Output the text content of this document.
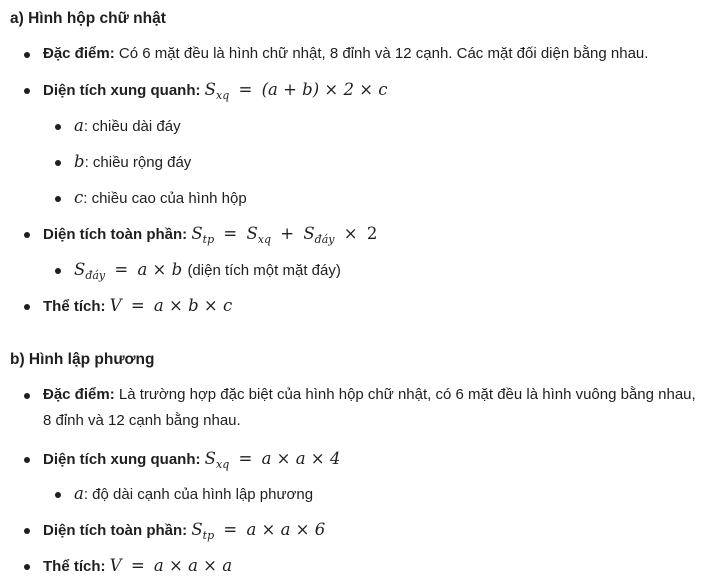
a) Hình hộp chữ nhật
Đặc điểm: Có 6 mặt đều là hình chữ nhật, 8 đỉnh và 12 cạnh. Các mặt đối diện bằng nhau.
Diện tích xung quanh: $S_{xq} = (a + b) \times 2 \times c$
a: chiều dài đáy
b: chiều rộng đáy
c: chiều cao của hình hộp
Diện tích toàn phần: $S_{tp} = S_{xq} + S_{đáy} \times 2$
$S_{đáy} = a \times b$ (diện tích một mặt đáy)
Thể tích: V = a × b × c
b) Hình lập phương
Đặc điểm: Là trường hợp đặc biệt của hình hộp chữ nhật, có 6 mặt đều là hình vuông bằng nhau, 8 đỉnh và 12 cạnh bằng nhau.
Diện tích xung quanh: $S_{xq} = a \times a \times 4$
a: độ dài cạnh của hình lập phương
Diện tích toàn phần: $S_{tp} = a \times a \times 6$
Thể tích: V = a × a × a
